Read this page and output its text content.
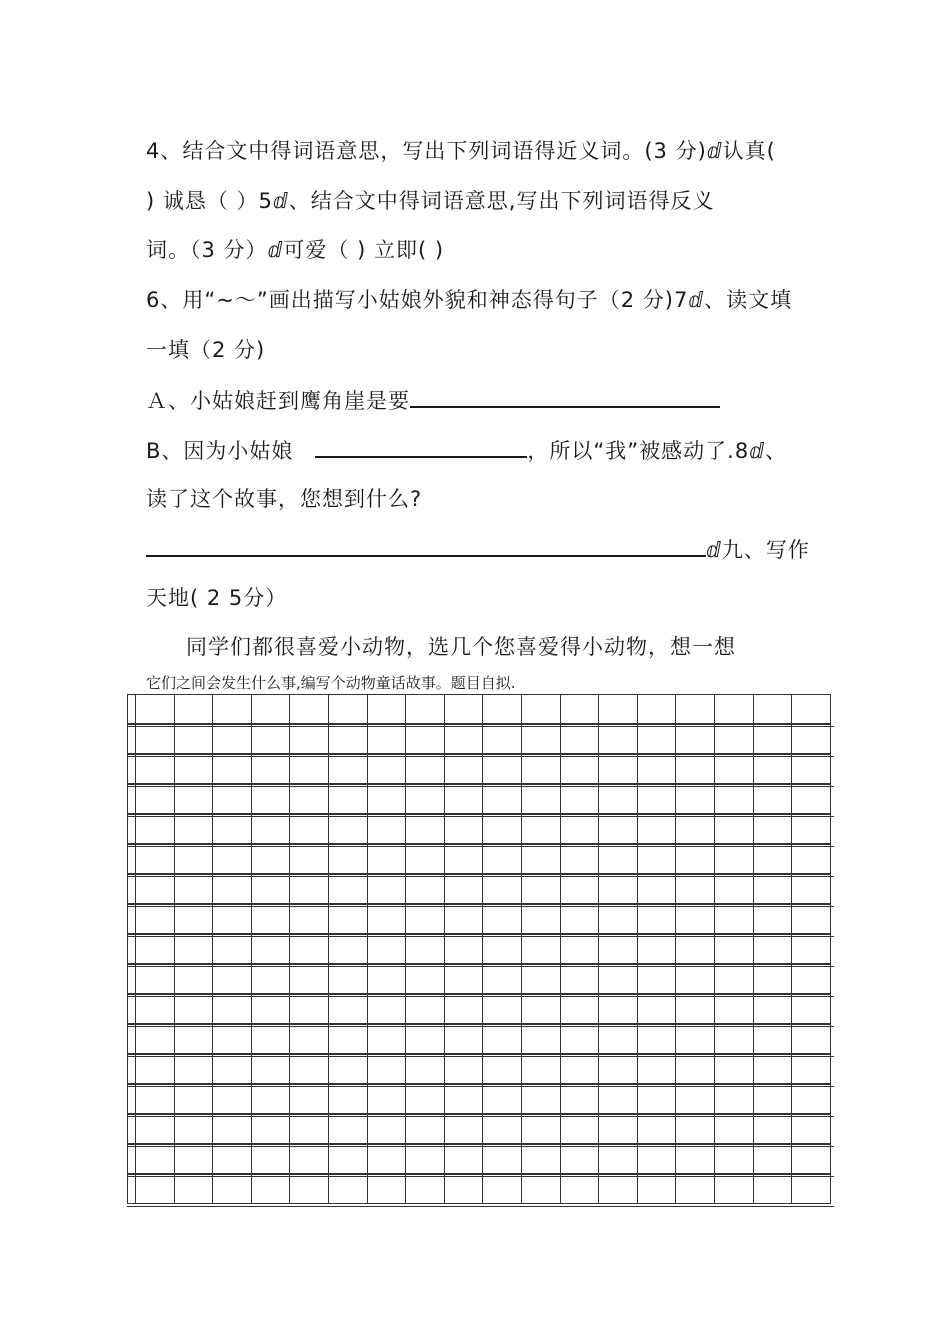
4、结合文中得词语意思，写出下列词语得近义词。(3 分)ⅆ认真(
) 诚恳（ ）5ⅆ、结合文中得词语意思,写出下列词语得反义
词。（3 分）ⅆ可爱（ ) 立即( )
6、用“~～”画出描写小姑娘外貌和神态得句子（2 分)7ⅆ、读文填
一填（2 分)
Ａ、小姑娘赶到鹰角崖是要
B、因为小姑娘	，所以“我”被感动了.8ⅆ、
读了这个故事，您想到什么?
ⅆ九、写作
天地( 2 5分）
同学们都很喜爱小动物，选几个您喜爱得小动物，想一想
它们之间会发生什么事,编写个动物童话故事。题目自拟.
